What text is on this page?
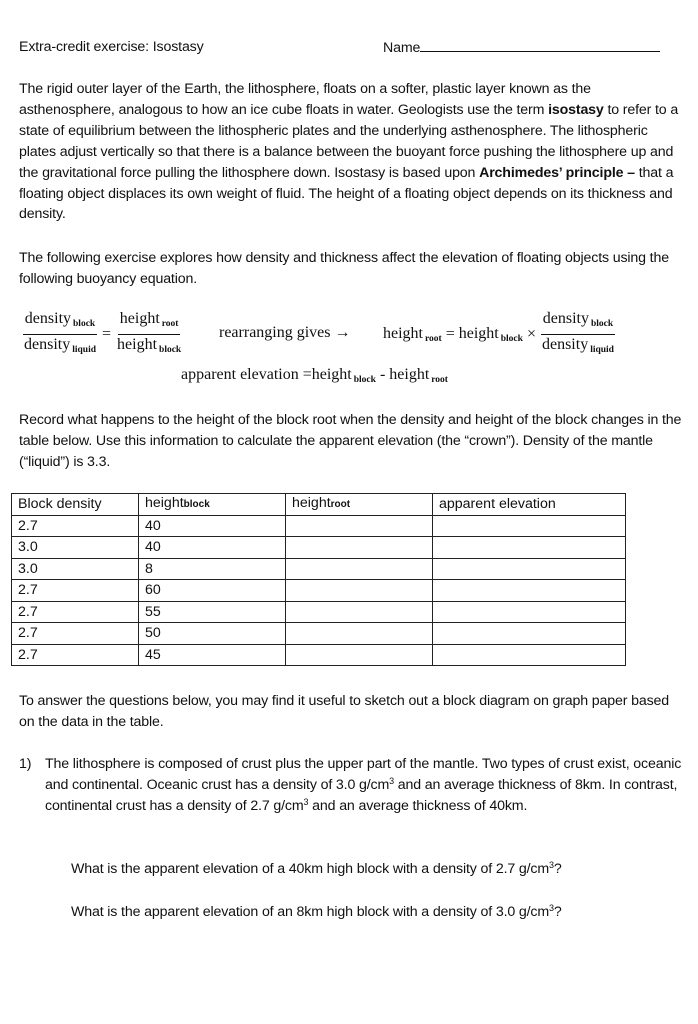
Extra-credit exercise: Isostasy	Name
The rigid outer layer of the Earth, the lithosphere, floats on a softer, plastic layer known as the asthenosphere, analogous to how an ice cube floats in water. Geologists use the term isostasy to refer to a state of equilibrium between the lithospheric plates and the underlying asthenosphere. The lithospheric plates adjust vertically so that there is a balance between the buoyant force pushing the lithosphere up and the gravitational force pulling the lithosphere down. Isostasy is based upon Archimedes’ principle – that a floating object displaces its own weight of fluid. The height of a floating object depends on its thickness and density.
The following exercise explores how density and thickness affect the elevation of floating objects using the following buoyancy equation.
$\frac{density _{block}}{density _{liquid}} = \frac{height _{root}}{height _{block}}$ rearranging gives → height $_{root}$ = height $_{block} \times \frac{density _{block}}{density _{liquid}}$
apparent elevation =height $_{block}$ - height $_{root}$
Record what happens to the height of the block root when the density and height of the block changes in the table below. Use this information to calculate the apparent elevation (the “crown”). Density of the mantle (“liquid”) is 3.3.
Block density	heightblock	heightroot	apparent elevation
2.7	40		
3.0	40		
3.0	8		
2.7	60		
2.7	55		
2.7	50		
2.7	45		
To answer the questions below, you may find it useful to sketch out a block diagram on graph paper based on the data in the table.
1) The lithosphere is composed of crust plus the upper part of the mantle. Two types of crust exist, oceanic and continental. Oceanic crust has a density of 3.0 $g/cm^3$ and an average thickness of 8km. In contrast, continental crust has a density of 2.7 $g/cm^3$ and an average thickness of 40km.
What is the apparent elevation of a 40km high block with a density of 2.7 $g/cm^3$?
What is the apparent elevation of an 8km high block with a density of 3.0 $g/cm^3$?
